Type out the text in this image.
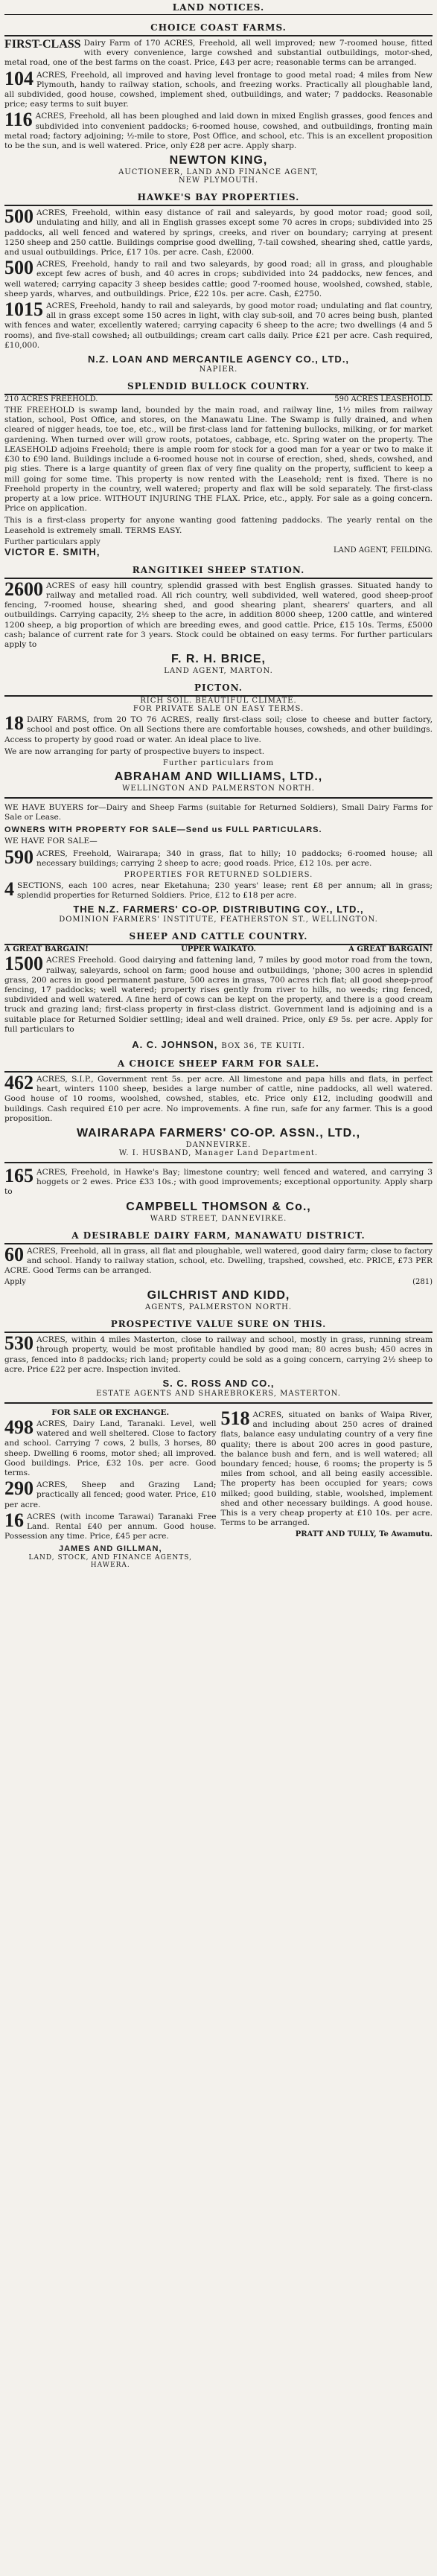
LAND NOTICES.
CHOICE COAST FARMS.
FIRST-CLASS Dairy Farm of 170 ACRES, Freehold, all well improved; new 7-roomed house, fitted with every convenience, large cowshed and substantial outbuildings, motor-shed, metal road, one of the best farms on the coast. Price, £43 per acre; reasonable terms can be arranged.
104 ACRES, Freehold, all improved and having level frontage to good metal road; 4 miles from New Plymouth, handy to railway station, schools, and freezing works. Practically all ploughable land, all subdivided, good house, cowshed, implement shed, outbuildings, and water; 7 paddocks. Reasonable price; easy terms to suit buyer.
116 ACRES, Freehold, all has been ploughed and laid down in mixed English grasses, good fences and subdivided into convenient paddocks; 6-roomed house, cowshed, and outbuildings, fronting main metal road; factory adjoining; ½-mile to store, Post Office, and school, etc. This is an excellent proposition to be the sun, and is well watered. Price, only £28 per acre. Apply sharp.
NEWTON KING,
AUCTIONEER, LAND AND FINANCE AGENT,
NEW PLYMOUTH.
HAWKE'S BAY PROPERTIES.
500 ACRES, Freehold, within easy distance of rail and saleyards, by good motor road; good soil, undulating and hilly, and all in English grasses except some 70 acres in crops; subdivided into 25 paddocks, all well fenced and watered by springs, creeks, and river on boundary; carrying at present 1250 sheep and 250 cattle. Buildings comprise good dwelling, 7-tail cowshed, shearing shed, cattle yards, and usual outbuildings. Price, £17 10s. per acre. Cash, £2000.
500 ACRES, Freehold, handy to rail and two saleyards, by good road; all in grass, and ploughable except few acres of bush, and 40 acres in crops; subdivided into 24 paddocks, new fences, and well watered; carrying capacity 3 sheep besides cattle; good 7-roomed house, woolshed, cowshed, stable, sheep yards, wharves, and outbuildings. Price, £22 10s. per acre. Cash, £2750.
1015 ACRES, Freehold, handy to rail and saleyards, by good motor road; undulating and flat country, all in grass except some 150 acres in light, with clay sub-soil, and 70 acres being bush, planted with fences and water, excellently watered; carrying capacity 6 sheep to the acre; two dwellings (4 and 5 rooms), and five-stall cowshed; all outbuildings; cream cart calls daily. Price £21 per acre. Cash required, £10,000.
N.Z. LOAN AND MERCANTILE AGENCY CO., LTD.,
NAPIER.
SPLENDID BULLOCK COUNTRY.
210 ACRES FREEHOLD.	590 ACRES LEASEHOLD.
THE FREEHOLD is swamp land, bounded by the main road, and railway line, 1½ miles from railway station, school, Post Office, and stores, on the Manawatu Line. The Swamp is fully drained, and when cleared of nigger heads, toe toe, etc., will be first-class land for fattening bullocks, milking, or for market gardening. When turned over will grow roots, potatoes, cabbage, etc. Spring water on the property. The LEASEHOLD adjoins Freehold; there is ample room for stock for a good man for a year or two to make it £30 to £90 land. Buildings include a 6-roomed house not in course of erection, shed, sheds, cowshed, and pig sties. There is a large quantity of green flax of very fine quality on the property, sufficient to keep a mill going for some time. This property is now rented with the Leasehold; rent is fixed. There is no Freehold property in the country, well watered; property and flax will be sold separately. The first-class property at a low price. WITHOUT INJURING THE FLAX. Price, etc., apply. For sale as a going concern. Price on application.
This is a first-class property for anyone wanting good fattening paddocks. The yearly rental on the Leasehold is extremely small. TERMS EASY.
Further particulars apply
VICTOR E. SMITH,	LAND AGENT, FEILDING.
RANGITIKEI SHEEP STATION.
2600 ACRES of easy hill country, splendid grassed with best English grasses. Situated handy to railway and metalled road. All rich country, well subdivided, well watered, good sheep-proof fencing, 7-roomed house, shearing shed, and good shearing plant, shearers' quarters, and all outbuildings. Carrying capacity, 2½ sheep to the acre, in addition 8000 sheep, 1200 cattle, and wintered 1200 sheep, a big proportion of which are breeding ewes, and good cattle. Price, £15 10s. Terms, £5000 cash; balance of current rate for 3 years. Stock could be obtained on easy terms. For further particulars apply to
F. R. H. BRICE,
LAND AGENT, MARTON.
PICTON.
RICH SOIL. BEAUTIFUL CLIMATE.
FOR PRIVATE SALE ON EASY TERMS.
18 DAIRY FARMS, from 20 TO 76 ACRES, really first-class soil; close to cheese and butter factory, school and post office. On all Sections there are comfortable houses, cowsheds, and other buildings. Access to property by good road or water. An ideal place to live.
We are now arranging for party of prospective buyers to inspect.
Further particulars from
ABRAHAM AND WILLIAMS, LTD.,
WELLINGTON AND PALMERSTON NORTH.
WE HAVE BUYERS for—Dairy and Sheep Farms (suitable for Returned Soldiers), Small Dairy Farms for Sale or Lease.
OWNERS WITH PROPERTY FOR SALE—Send us FULL PARTICULARS.
WE HAVE FOR SALE—
590 ACRES, Freehold, Wairarapa; 340 in grass, flat to hilly; 10 paddocks; 6-roomed house; all necessary buildings; carrying 2 sheep to acre; good roads. Price, £12 10s. per acre.
PROPERTIES FOR RETURNED SOLDIERS.
4 SECTIONS, each 100 acres, near Eketahuna; 230 years' lease; rent £8 per annum; all in grass; splendid properties for Returned Soldiers. Price, £12 to £18 per acre.
THE N.Z. FARMERS' CO-OP. DISTRIBUTING COY., LTD.,
DOMINION FARMERS' INSTITUTE, FEATHERSTON ST., WELLINGTON.
SHEEP AND CATTLE COUNTRY.
A GREAT BARGAIN!	UPPER WAIKATO.	A GREAT BARGAIN!
1500 ACRES Freehold. Good dairying and fattening land, 7 miles by good motor road from the town, railway, saleyards, school on farm; good house and outbuildings, 'phone; 300 acres in splendid grass, 200 acres in good permanent pasture, 500 acres in grass, 700 acres rich flat; all good sheep-proof fencing, 17 paddocks; well watered; property rises gently from river to hills, no weeds; ring fenced, subdivided and well watered. A fine herd of cows can be kept on the property, and there is a good cream truck and grazing land; first-class property in first-class district. Government land is adjoining and is a suitable place for Returned Soldier settling; ideal and well drained. Price, only £9 5s. per acre. Apply for full particulars to
A. C. JOHNSON, BOX 36, TE KUITI.
A CHOICE SHEEP FARM FOR SALE.
462 ACRES, S.I.P., Government rent 5s. per acre. All limestone and papa hills and flats, in perfect heart, winters 1100 sheep, besides a large number of cattle, nine paddocks, all well watered. Good house of 10 rooms, woolshed, cowshed, stables, etc. Price only £12, including goodwill and buildings. Cash required £10 per acre. No improvements. A fine run, safe for any farmer. This is a good proposition.
WAIRARAPA FARMERS' CO-OP. ASSN., LTD.,
DANNEVIRKE.
W. I. HUSBAND, Manager Land Department.
165 ACRES, Freehold, in Hawke's Bay; limestone country; well fenced and watered, and carrying 3 hoggets or 2 ewes. Price £33 10s.; with good improvements; exceptional opportunity. Apply sharp to
CAMPBELL THOMSON & Co.,
WARD STREET, DANNEVIRKE.
A DESIRABLE DAIRY FARM, MANAWATU DISTRICT.
60 ACRES, Freehold, all in grass, all flat and ploughable, well watered, good dairy farm; close to factory and school. Handy to railway station, school, etc. Dwelling, trapshed, cowshed, etc. PRICE, £73 PER ACRE. Good Terms can be arranged.
Apply	(281)
GILCHRIST AND KIDD,
AGENTS, PALMERSTON NORTH.
PROSPECTIVE VALUE SURE ON THIS.
530 ACRES, within 4 miles Masterton, close to railway and school, mostly in grass, running stream through property, would be most profitable handled by good man; 80 acres bush; 450 acres in grass, fenced into 8 paddocks; rich land; property could be sold as a going concern, carrying 2½ sheep to acre. Price £22 per acre. Inspection invited.
S. C. ROSS AND CO.,
ESTATE AGENTS AND SHAREBROKERS, MASTERTON.
FOR SALE OR EXCHANGE.
498 ACRES, Dairy Land, Taranaki. Level, well watered and well sheltered. Close to factory and school. Carrying 7 cows, 2 bulls, 3 horses, 80 sheep. Dwelling 6 rooms, motor shed; all improved. Good buildings. Price, £32 10s. per acre. Good terms.
290 ACRES, Sheep and Grazing Land; practically all fenced; good water. Price, £10 per acre.
16 ACRES (with income Tarawai) Taranaki Free Land. Rental £40 per annum. Good house. Possession any time. Price, £45 per acre.
JAMES AND GILLMAN,
LAND, STOCK, AND FINANCE AGENTS,
HAWERA.
518 ACRES, situated on banks of Waipa River, and including about 250 acres of drained flats, balance easy undulating country of a very fine quality; there is about 200 acres in good pasture, the balance bush and fern, and is well watered; all boundary fenced; house, 6 rooms; the property is 5 miles from school, and all being easily accessible. The property has been occupied for years; cows milked; good building, stable, woolshed, implement shed and other necessary buildings. A good house. This is a very cheap property at £10 10s. per acre. Terms to be arranged.
PRATT AND TULLY, Te Awamutu.
